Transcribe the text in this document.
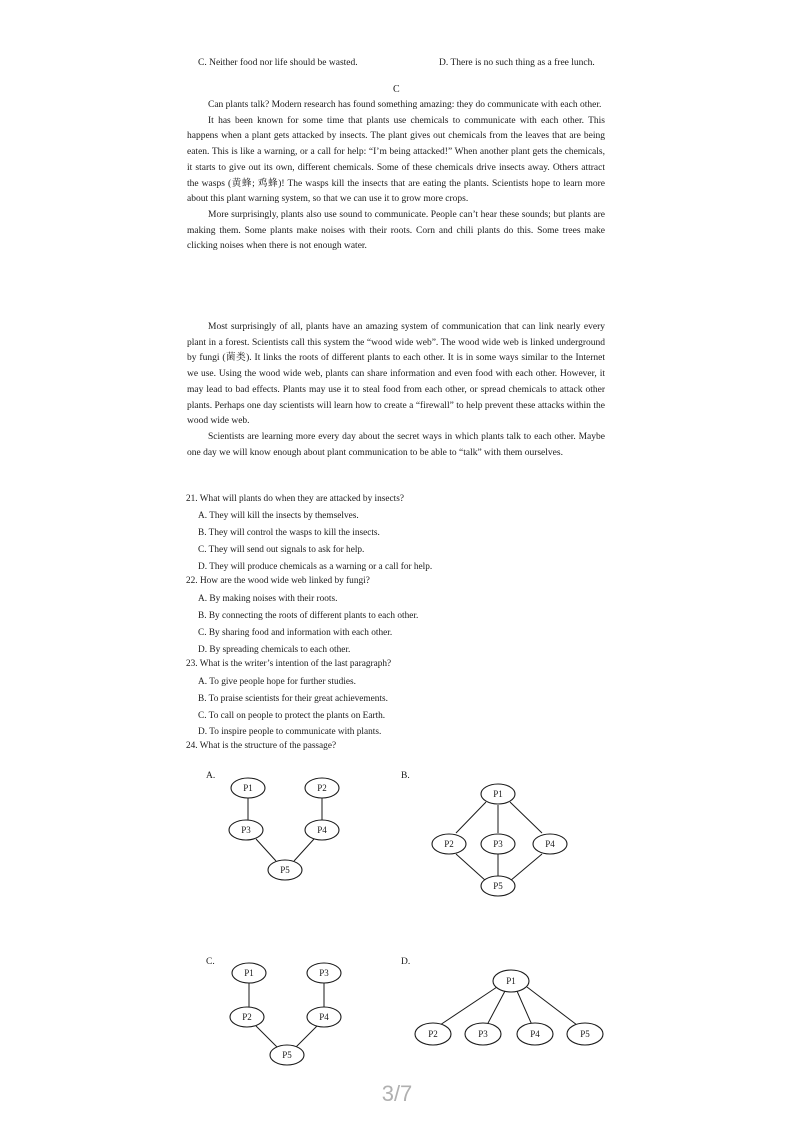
C. Neither food nor life should be wasted.	D. There is no such thing as a free lunch.
C

Can plants talk? Modern research has found something amazing: they do communicate with each other.

It has been known for some time that plants use chemicals to communicate with each other. This happens when a plant gets attacked by insects. The plant gives out chemicals from the leaves that are being eaten. This is like a warning, or a call for help: “I’m being attacked!” When another plant gets the chemicals, it starts to give out its own, different chemicals. Some of these chemicals drive insects away. Others attract the wasps (黄蜂; 鸡蜂)! The wasps kill the insects that are eating the plants. Scientists hope to learn more about this plant warning system, so that we can use it to grow more crops.

More surprisingly, plants also use sound to communicate. People can’t hear these sounds; but plants are making them. Some plants make noises with their roots. Corn and chili plants do this. Some trees make clicking noises when there is not enough water.

Most surprisingly of all, plants have an amazing system of communication that can link nearly every plant in a forest. Scientists call this system the “wood wide web”. The wood wide web is linked underground by fungi (菌类). It links the roots of different plants to each other. It is in some ways similar to the Internet we use. Using the wood wide web, plants can share information and even food with each other. However, it may lead to bad effects. Plants may use it to steal food from each other, or spread chemicals to attack other plants. Perhaps one day scientists will learn how to create a “firewall” to help prevent these attacks within the wood wide web.

Scientists are learning more every day about the secret ways in which plants talk to each other. Maybe one day we will know enough about plant communication to be able to “talk” with them ourselves.

21. What will plants do when they are attacked by insects?
A. They will kill the insects by themselves.
B. They will control the wasps to kill the insects.
C. They will send out signals to ask for help.
D. They will produce chemicals as a warning or a call for help.
22. How are the wood wide web linked by fungi?
A. By making noises with their roots.
B. By connecting the roots of different plants to each other.
C. By sharing food and information with each other.
D. By spreading chemicals to each other.
23. What is the writer’s intention of the last paragraph?
A. To give people hope for further studies.
B. To praise scientists for their great achievements.
C. To call on people to protect the plants on Earth.
D. To inspire people to communicate with plants.
24. What is the structure of the passage?
A.	B.
C.	D.
P1	P2
P3	P4
P5
P1
P2	P3	P4
P5
P1	P3
P2	P4
P5
P1
P2	P3	P4	P5
3/7
